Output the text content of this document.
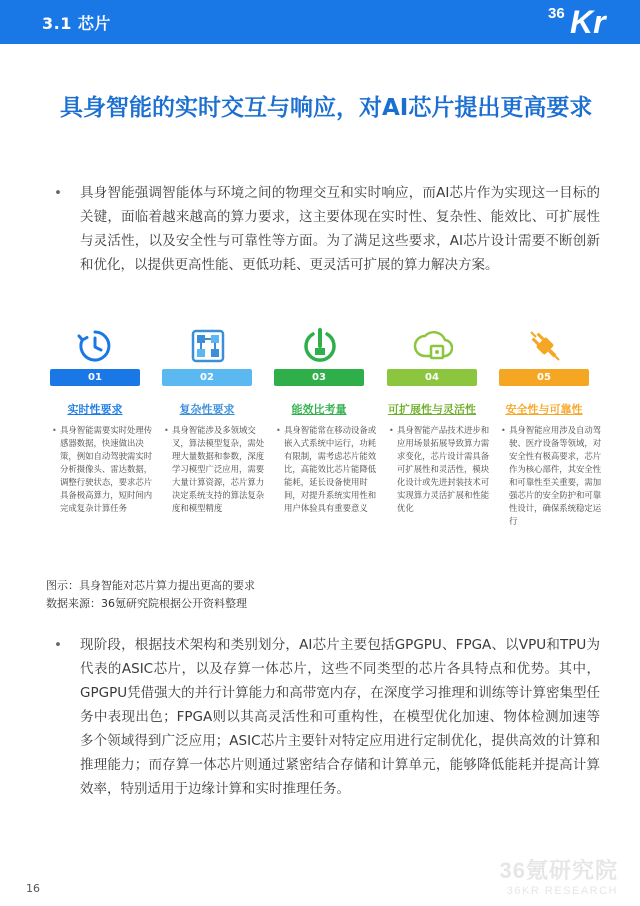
3.1 芯片
36 Kr
具身智能的实时交互与响应，对AI芯片提出更高要求
•	具身智能强调智能体与环境之间的物理交互和实时响应，而AI芯片作为实现这一目标的关键，面临着越来越高的算力要求，这主要体现在实时性、复杂性、能效比、可扩展性与灵活性，以及安全性与可靠性等方面。为了满足这些要求，AI芯片设计需要不断创新和优化，以提供更高性能、更低功耗、更灵活可扩展的算力解决方案。
01	02	03	04	05
实时性要求	复杂性要求	能效比考量	可扩展性与灵活性	安全性与可靠性
• 具身智能需要实时处理传感器数据，快速做出决策，例如自动驾驶需实时分析摄像头、雷达数据，调整行驶状态，要求芯片具备极高算力，短时间内完成复杂计算任务
• 具身智能涉及多领域交叉，算法模型复杂，需处理大量数据和参数，深度学习模型广泛应用，需要大量计算资源，芯片算力决定系统支持的算法复杂度和模型精度
• 具身智能常在移动设备或嵌入式系统中运行，功耗有限制，需考虑芯片能效比，高能效比芯片能降低能耗，延长设备使用时间，对提升系统实用性和用户体验具有重要意义
• 具身智能产品技术进步和应用场景拓展导致算力需求变化，芯片设计需具备可扩展性和灵活性，模块化设计或先进封装技术可实现算力灵活扩展和性能优化
• 具身智能应用涉及自动驾驶、医疗设备等领域，对安全性有极高要求，芯片作为核心部件，其安全性和可靠性至关重要，需加强芯片的安全防护和可靠性设计，确保系统稳定运行
图示：具身智能对芯片算力提出更高的要求
数据来源：36氪研究院根据公开资料整理
•	现阶段，根据技术架构和类别划分，AI芯片主要包括GPGPU、FPGA、以VPU和TPU为代表的ASIC芯片，以及存算一体芯片，这些不同类型的芯片各具特点和优势。其中，GPGPU凭借强大的并行计算能力和高带宽内存，在深度学习推理和训练等计算密集型任务中表现出色；FPGA则以其高灵活性和可重构性，在模型优化加速、物体检测加速等多个领域得到广泛应用；ASIC芯片主要针对特定应用进行定制优化，提供高效的计算和推理能力；而存算一体芯片则通过紧密结合存储和计算单元，能够降低能耗并提高计算效率，特别适用于边缘计算和实时推理任务。
36氪研究院
36KR RESEARCH
16
